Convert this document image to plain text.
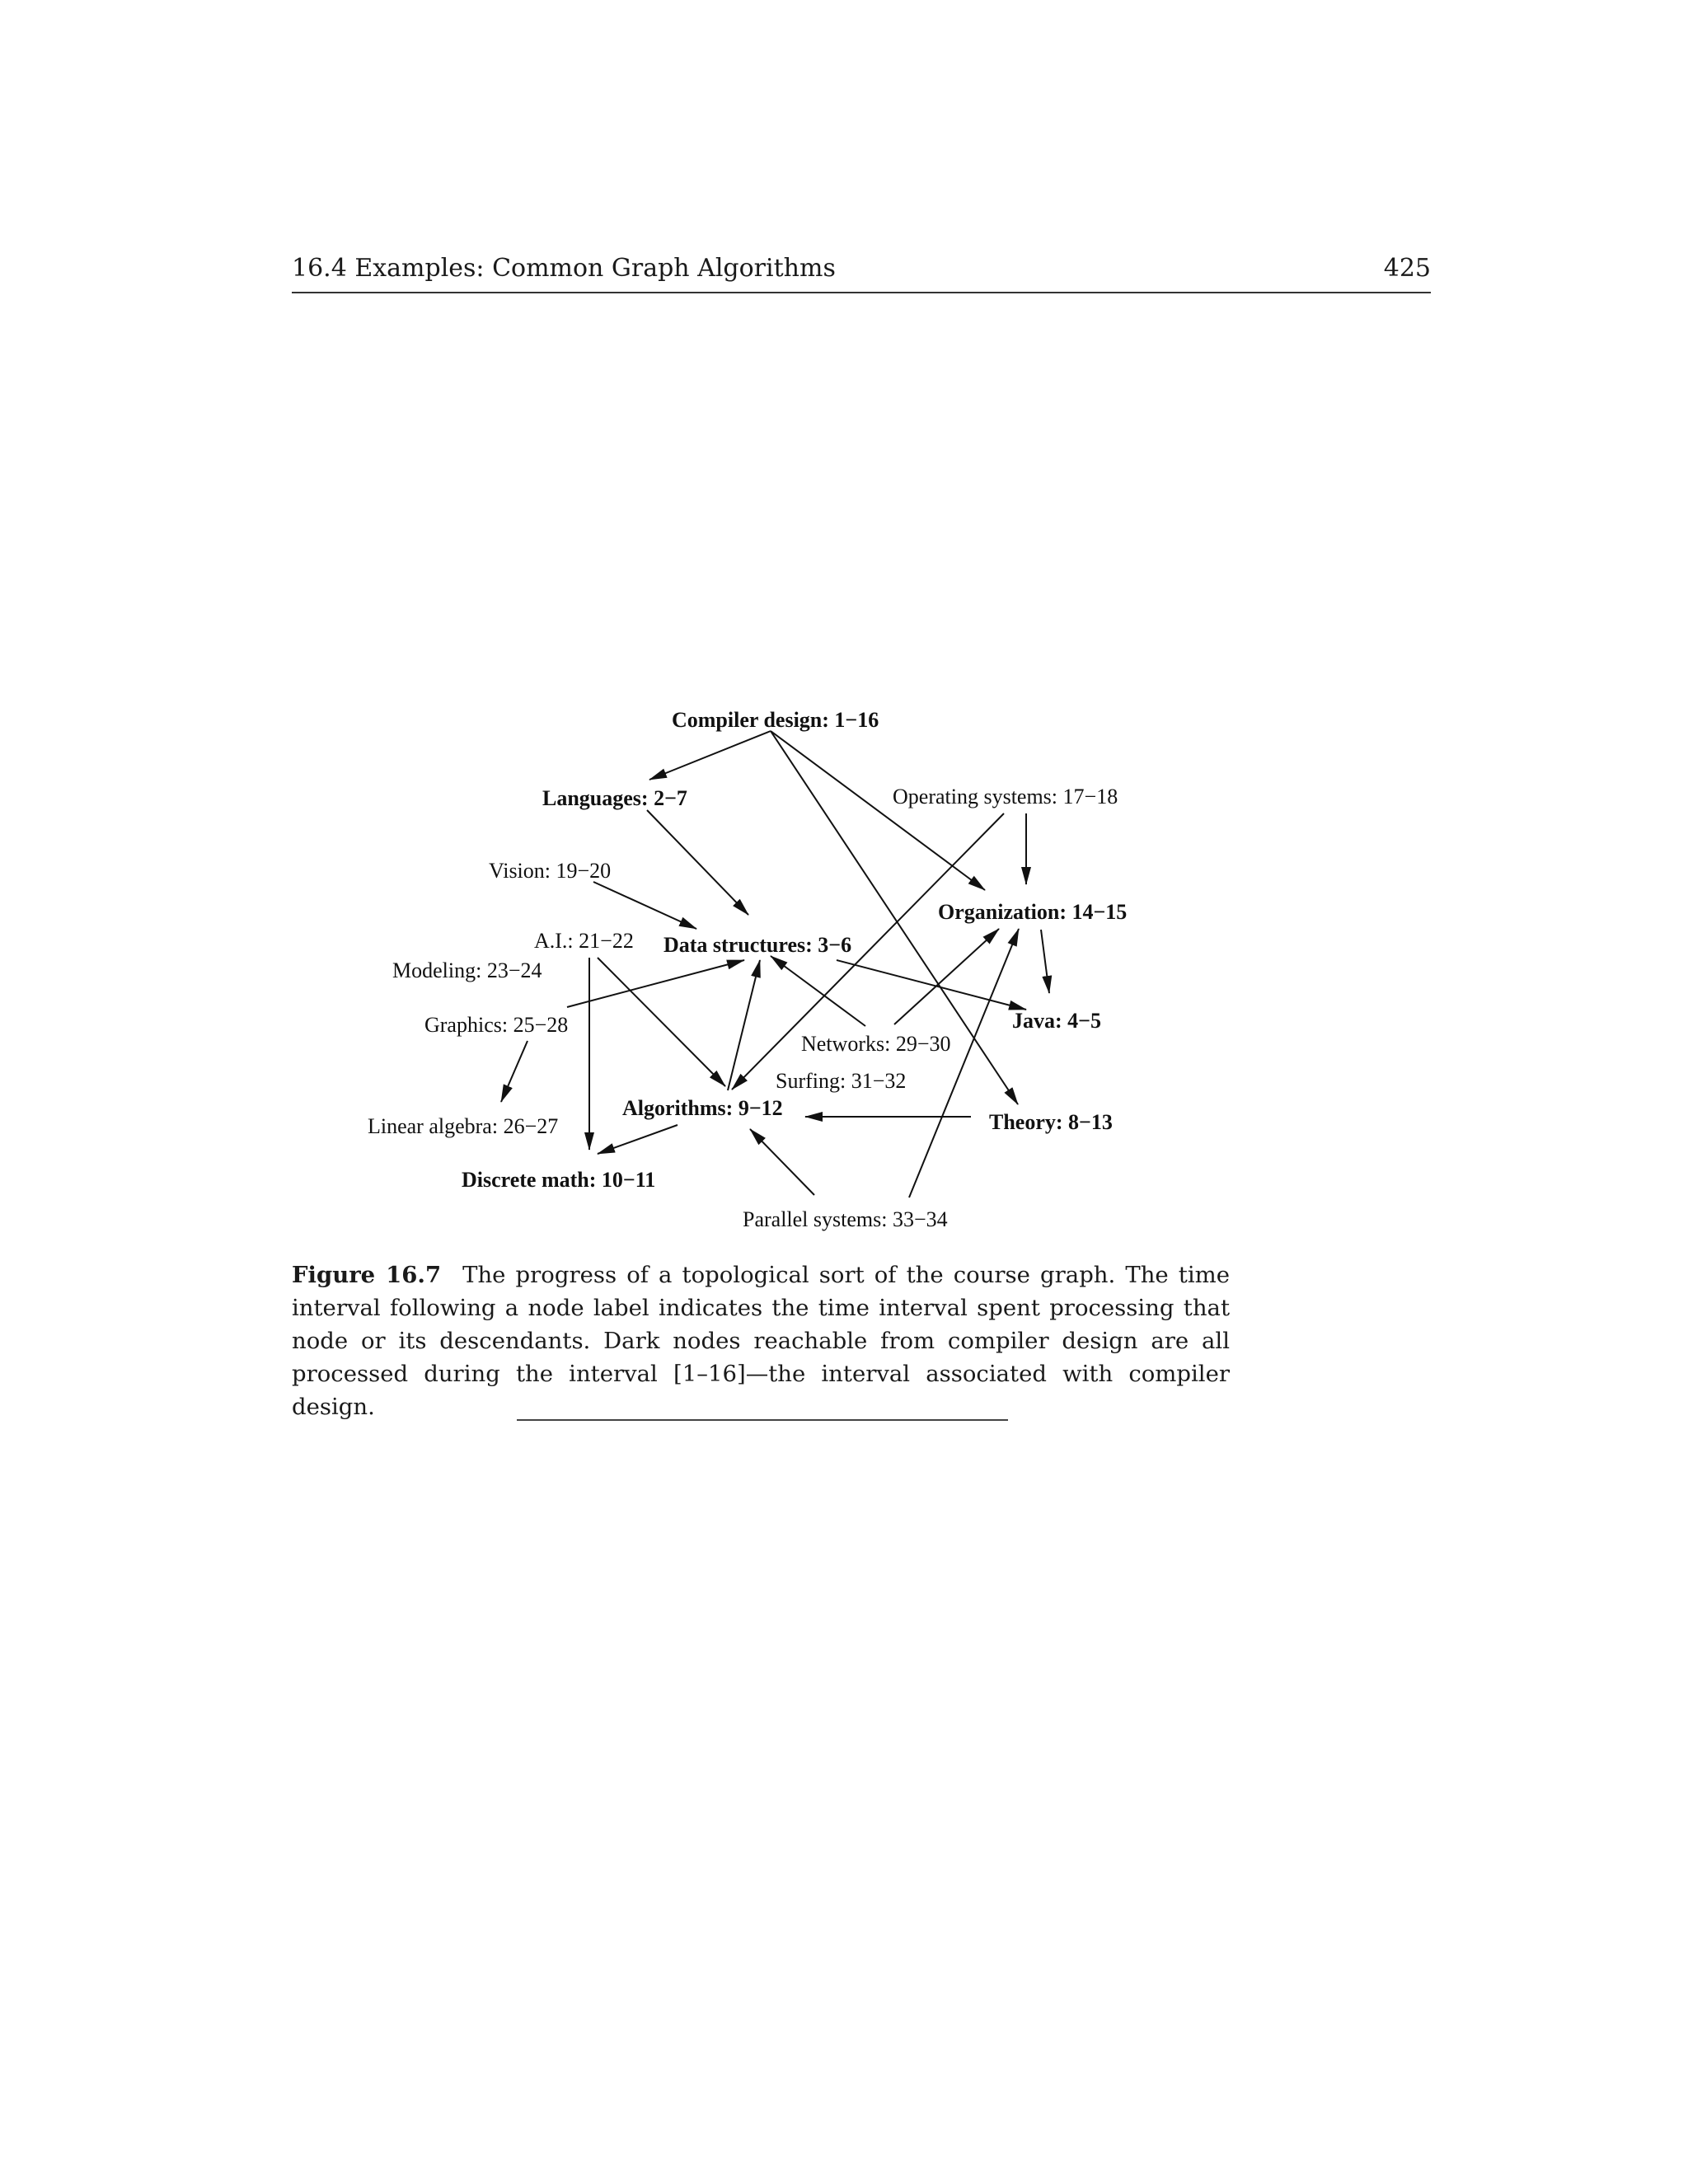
16.4 Examples: Common Graph Algorithms	425
Compiler design: 1−16
Languages: 2−7	Operating systems: 17−18
Vision: 19−20
Organization: 14−15
A.I.: 21−22 Data structures: 3−6
Modeling: 23−24
Graphics: 25−28	Java: 4−5
Networks: 29−30
Surfing: 31−32
Algorithms: 9−12
Theory: 8−13
Linear algebra: 26−27
Discrete math: 10−11
Parallel systems: 33−34
Figure 16.7 The progress of a topological sort of the course graph. The time interval following a node label indicates the time interval spent processing that node or its descendants. Dark nodes reachable from compiler design are all processed during the interval [1–16]—the interval associated with compiler design.
